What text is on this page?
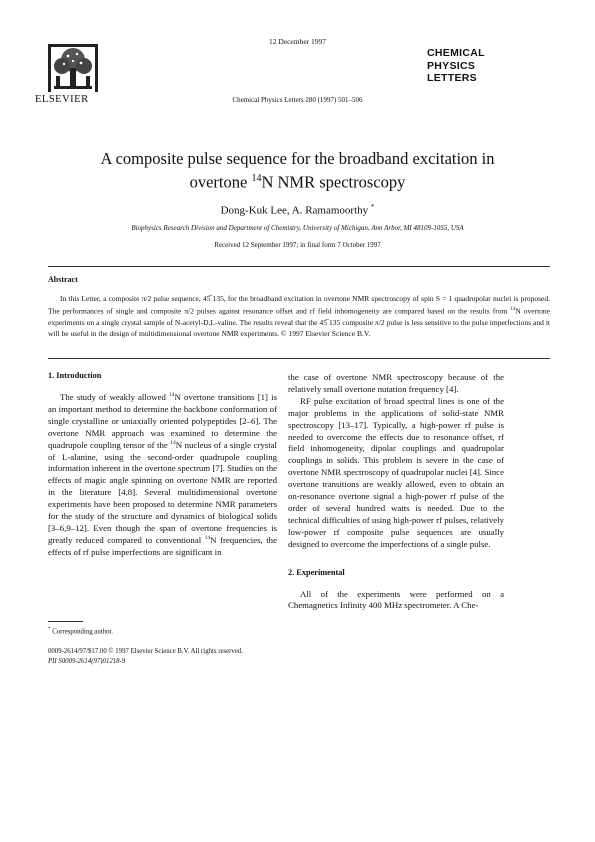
ELSEVIER
12 December 1997
Chemical Physics Letters 280 (1997) 501–506
CHEMICAL
PHYSICS
LETTERS
A composite pulse sequence for the broadband excitation in
overtone $^{14}$N NMR spectroscopy
Dong-Kuk Lee, A. Ramamoorthy *
Biophysics Research Division and Department of Chemistry, University of Michigan, Ann Arbor, MI 48109-1055, USA
Received 12 September 1997; in final form 7 October 1997
Abstract
In this Letter, a composite π/2 pulse sequence, 45̅ 135, for the broadband excitation in overtone NMR spectroscopy of spin S = 1 quadrupolar nuclei is proposed. The performances of single and composite π/2 pulses against resonance offset and rf field inhomogeneity are compared based on the results from $^{14}$N overtone experiments on a single crystal sample of N-acetyl-D,L-valine. The results reveal that the 45̅ 135 composite π/2 pulse is less sensitive to the pulse imperfections and it will be useful in the design of multidimensional overtone NMR experiments. © 1997 Elsevier Science B.V.

1. Introduction

The study of weakly allowed $^{14}$N overtone transitions [1] is an important method to determine the backbone conformation of single crystalline or uniaxially oriented polypeptides [2–6]. The overtone NMR approach was examined to determine the quadrupole coupling tensor of the $^{14}$N nucleus of a single crystal of L-alanine, using the second-order quadrupole coupling information inherent in the overtone spectrum [7]. Studies on the effects of magic angle spinning on overtone NMR are reported in the literature [4,8]. Several multidimensional overtone experiments have been proposed to determine NMR parameters for the study of the structure and dynamics of biological solids [3–6,9–12]. Even though the span of overtone frequencies is greatly reduced compared to conventional $^{14}$N frequencies, the effects of rf pulse imperfections are significant in

the case of overtone NMR spectroscopy because of the relatively small overtone nutation frequency [4].

RF pulse excitation of broad spectral lines is one of the major problems in the applications of solid-state NMR spectroscopy [13–17]. Typically, a high-power rf pulse is needed to overcome the effects due to resonance offset, rf field inhomogeneity, dipolar couplings and quadrupolar couplings in solids. This problem is severe in the case of overtone NMR spectroscopy of quadrupolar nuclei [4]. Since overtone transitions are weakly allowed, even to obtain an on-resonance overtone signal a high-power rf pulse of the order of several hundred watts is needed. Due to the technical difficulties of using high-power rf pulses, relatively low-power rf composite pulse sequences are usually designed to overcome the imperfections of a single pulse.

2. Experimental

All of the experiments were performed on a Chemagnetics Infinity 400 MHz spectrometer. A Che-

* Corresponding author.
0009-2614/97/$17.00 © 1997 Elsevier Science B.V. All rights reserved.
PII S0009-2614(97)01218-9
